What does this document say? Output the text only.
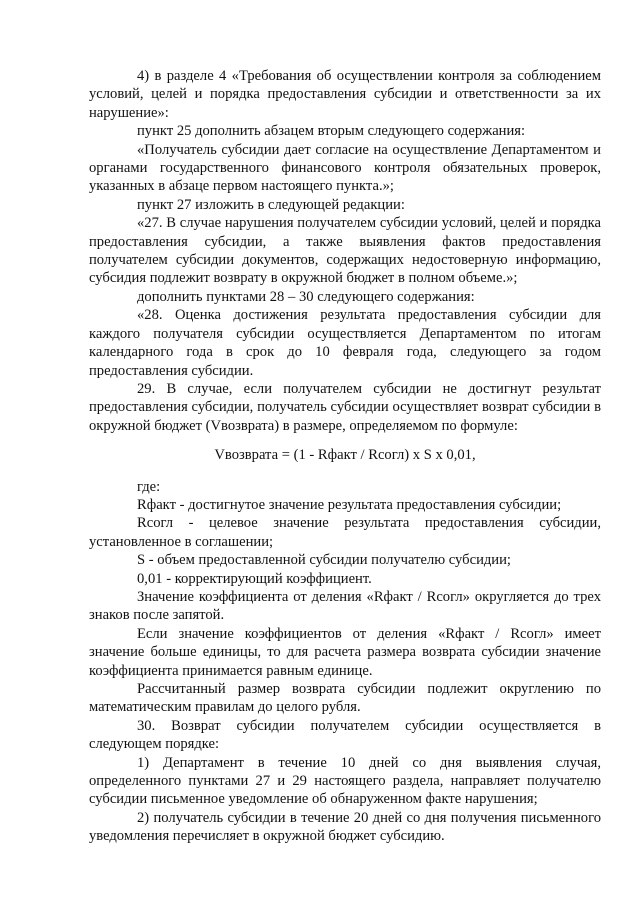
4) в разделе 4 «Требования об осуществлении контроля за соблюдением условий, целей и порядка предоставления субсидии и ответственности за их нарушение»:

пункт 25 дополнить абзацем вторым следующего содержания:

«Получатель субсидии дает согласие на осуществление Департаментом и органами государственного финансового контроля обязательных проверок, указанных в абзаце первом настоящего пункта.»;

пункт 27 изложить в следующей редакции:

«27. В случае нарушения получателем субсидии условий, целей и порядка предоставления субсидии, а также выявления фактов предоставления получателем субсидии документов, содержащих недостоверную информацию, субсидия подлежит возврату в окружной бюджет в полном объеме.»;

дополнить пунктами 28 – 30 следующего содержания:

«28. Оценка достижения результата предоставления субсидии для каждого получателя субсидии осуществляется Департаментом по итогам календарного года в срок до 10 февраля года, следующего за годом предоставления субсидии.

29. В случае, если получателем субсидии не достигнут результат предоставления субсидии, получатель субсидии осуществляет возврат субсидии в окружной бюджет (Vвозврата) в размере, определяемом по формуле:

Vвозврата = (1 - Rфакт / Rсогл) x S x 0,01,

где:

Rфакт - достигнутое значение результата предоставления субсидии;

Rсогл - целевое значение результата предоставления субсидии, установленное в соглашении;

S - объем предоставленной субсидии получателю субсидии;

0,01 - корректирующий коэффициент.

Значение коэффициента от деления «Rфакт / Rсогл» округляется до трех знаков после запятой.

Если значение коэффициентов от деления «Rфакт / Rсогл» имеет значение больше единицы, то для расчета размера возврата субсидии значение коэффициента принимается равным единице.

Рассчитанный размер возврата субсидии подлежит округлению по математическим правилам до целого рубля.

30. Возврат субсидии получателем субсидии осуществляется в следующем порядке:

1) Департамент в течение 10 дней со дня выявления случая, определенного пунктами 27 и 29 настоящего раздела, направляет получателю субсидии письменное уведомление об обнаруженном факте нарушения;

2) получатель субсидии в течение 20 дней со дня получения письменного уведомления перечисляет в окружной бюджет субсидию.
